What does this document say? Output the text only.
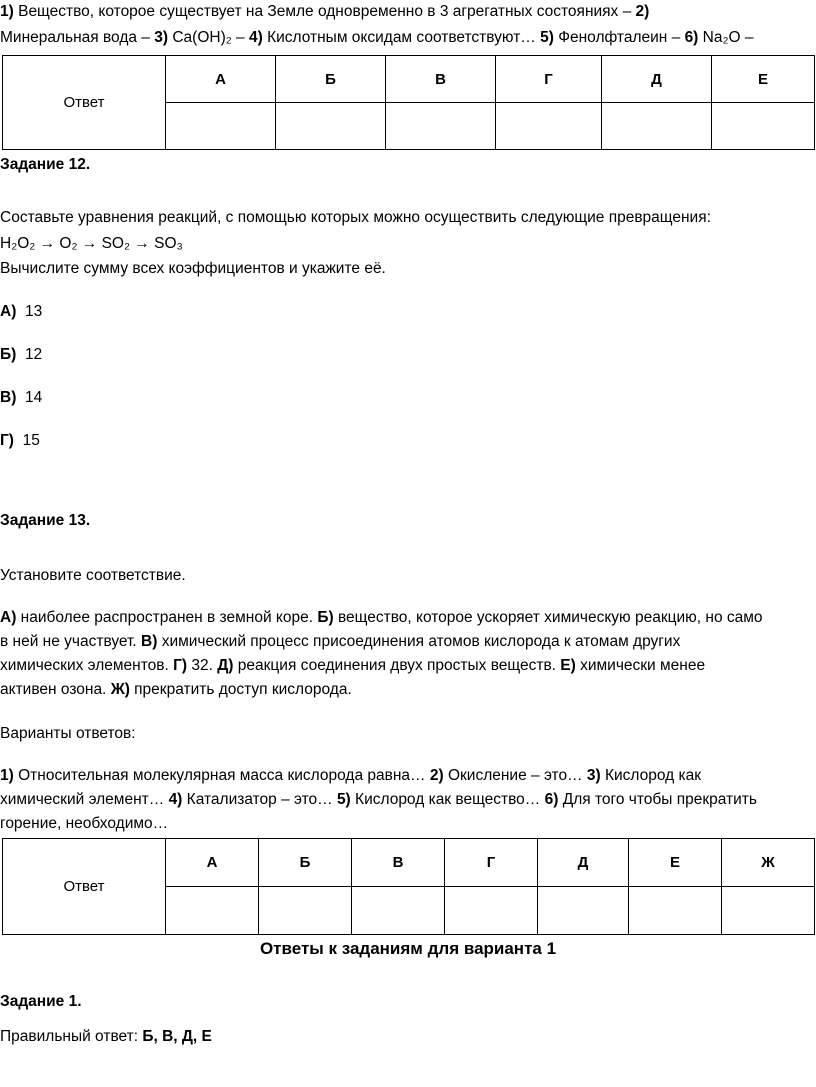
1) Вещество, которое существует на Земле одновременно в 3 агрегатных состояниях – 2)
Минеральная вода – 3) Ca(OH)₂ – 4) Кислотным оксидам соответствуют… 5) Фенолфталеин – 6) Na₂O –
Ответ	А	Б	В	Г	Д	Е

Задание 12.
Составьте уравнения реакций, с помощью которых можно осуществить следующие превращения:
H₂O₂ → O₂ → SO₂ → SO₃
Вычислите сумму всех коэффициентов и укажите её.
А) 13
Б) 12
В) 14
Г) 15
Задание 13.
Установите соответствие.
А) наиболее распространен в земной коре. Б) вещество, которое ускоряет химическую реакцию, но само
в ней не участвует. В) химический процесс присоединения атомов кислорода к атомам других
химических элементов. Г) 32. Д) реакция соединения двух простых веществ. Е) химически менее
активен озона. Ж) прекратить доступ кислорода.
Варианты ответов:
1) Относительная молекулярная масса кислорода равна… 2) Окисление – это… 3) Кислород как
химический элемент… 4) Катализатор – это… 5) Кислород как вещество… 6) Для того чтобы прекратить
горение, необходимо…
Ответ	А	Б	В	Г	Д	Е	Ж

Ответы к заданиям для варианта 1
Задание 1.
Правильный ответ: Б, В, Д, Е
